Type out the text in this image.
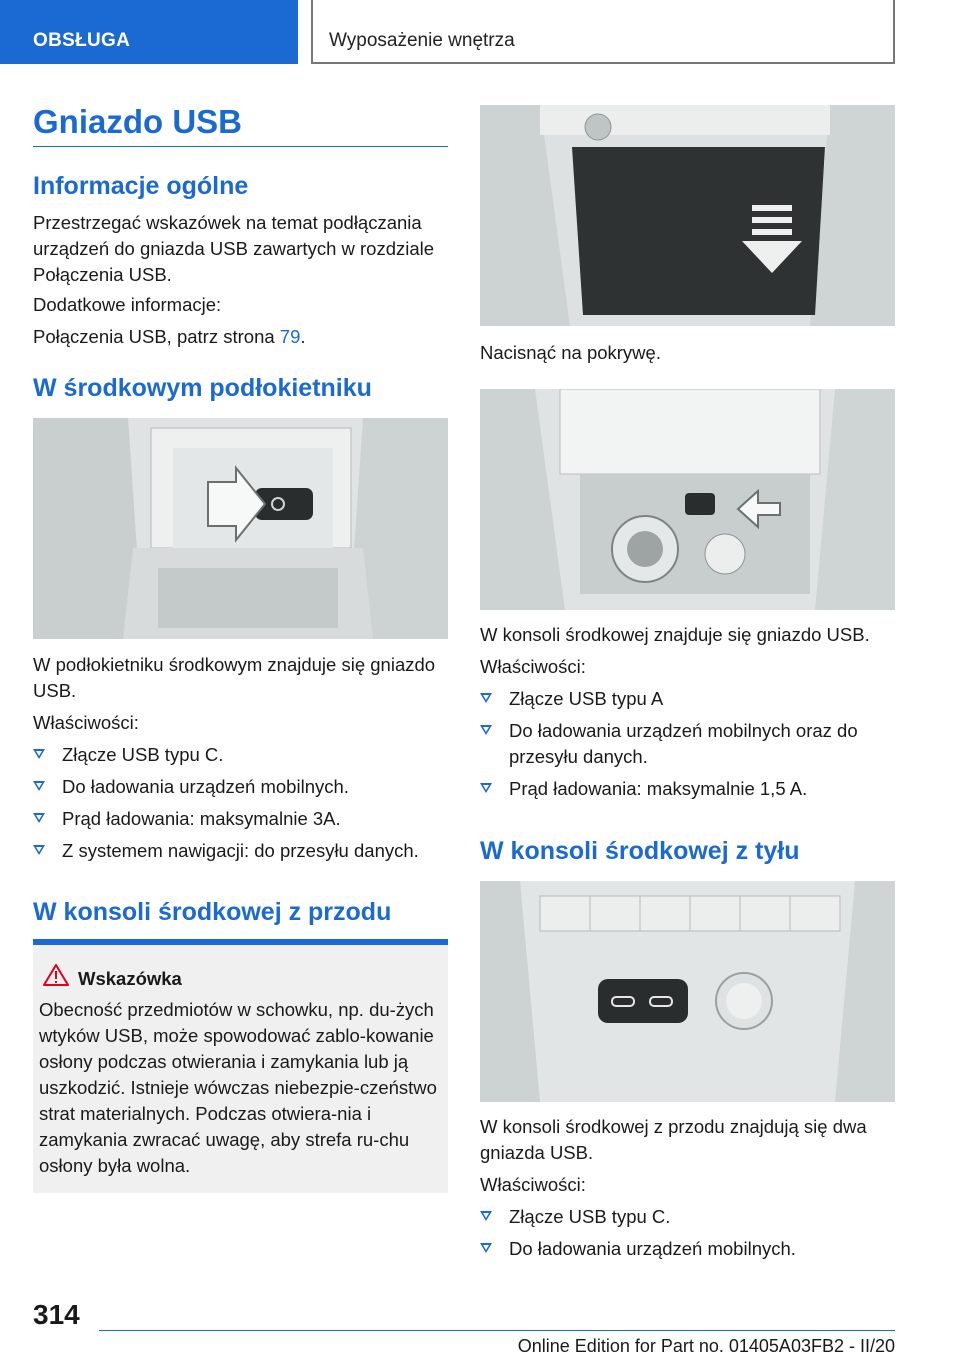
OBSŁUGA	Wyposażenie wnętrza
Gniazdo USB
Informacje ogólne

Przestrzegać wskazówek na temat podłączania urządzeń do gniazda USB zawartych w rozdziale Połączenia USB.

Dodatkowe informacje:

Połączenia USB, patrz strona 79.

W środkowym podłokietniku

W podłokietniku środkowym znajduje się gniazdo USB.

Właściwości:

Złącze USB typu C.
Do ładowania urządzeń mobilnych.
Prąd ładowania: maksymalnie 3A.
Z systemem nawigacji: do przesyłu danych.
W konsoli środkowej z przodu
Wskazówka
Obecność przedmiotów w schowku, np. du-żych wtyków USB, może spowodować zablo-kowanie osłony podczas otwierania i zamykania lub ją uszkodzić. Istnieje wówczas niebezpie-czeństwo strat materialnych. Podczas otwiera-nia i zamykania zwracać uwagę, aby strefa ru-chu osłony była wolna.

Nacisnąć na pokrywę.

W konsoli środkowej znajduje się gniazdo USB.

Właściwości:

Złącze USB typu A
Do ładowania urządzeń mobilnych oraz do przesyłu danych.
Prąd ładowania: maksymalnie 1,5 A.
W konsoli środkowej z tyłu

W konsoli środkowej z przodu znajdują się dwa gniazda USB.

Właściwości:

Złącze USB typu C.
Do ładowania urządzeń mobilnych.
314
Online Edition for Part no. 01405A03FB2 - II/20
